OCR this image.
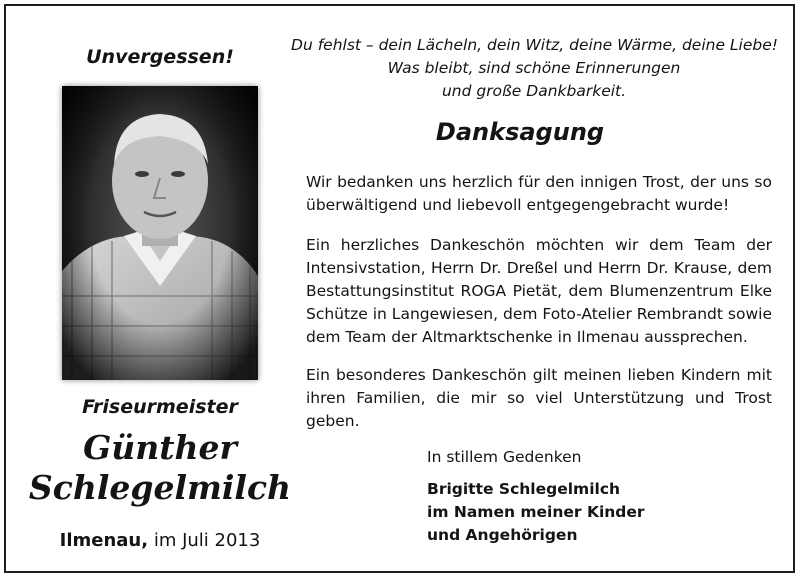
Unvergessen!
Friseurmeister
Günther
Schlegelmilch
Ilmenau, im Juli 2013
Du fehlst – dein Lächeln, dein Witz, deine Wärme, deine Liebe!
Was bleibt, sind schöne Erinnerungen
und große Dankbarkeit.
Danksagung
Wir bedanken uns herzlich für den innigen Trost, der uns so überwältigend und liebevoll entgegengebracht wurde!
Ein herzliches Dankeschön möchten wir dem Team der Intensivstation, Herrn Dr. Dreßel und Herrn Dr. Krause, dem Bestattungsinstitut ROGA Pietät, dem Blumenzentrum Elke Schütze in Langewiesen, dem Foto-Atelier Rembrandt sowie dem Team der Altmarktschenke in Ilmenau aussprechen.
Ein besonderes Dankeschön gilt meinen lieben Kindern mit ihren Familien, die mir so viel Unterstützung und Trost geben.
In stillem Gedenken
Brigitte Schlegelmilch
im Namen meiner Kinder
und Angehörigen
